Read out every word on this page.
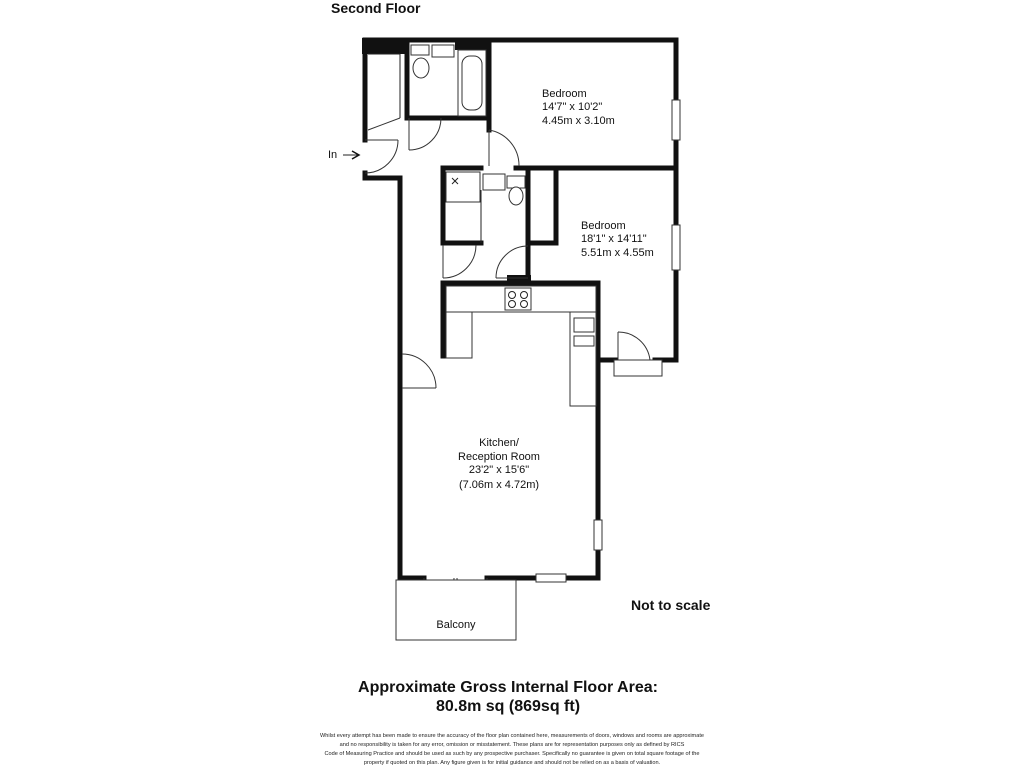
In
Second Floor
Bedroom
14'7" x 10'2"
4.45m x 3.10m
Bedroom
18'1" x 14'11"
5.51m x 4.55m
Kitchen/
Reception Room
23'2" x 15'6"
(7.06m x 4.72m)
Balcony
Not to scale
Approximate Gross Internal Floor Area:
80.8m sq (869sq ft)
Whilst every attempt has been made to ensure the accuracy of the floor plan contained here, measurements of doors, windows and rooms are approximate
and no responsibility is taken for any error, omission or misstatement. These plans are for representation purposes only as defined by RICS
Code of Measuring Practice and should be used as such by any prospective purchaser. Specifically no guarantee is given on total square footage of the
property if quoted on this plan. Any figure given is for initial guidance and should not be relied on as a basis of valuation.
